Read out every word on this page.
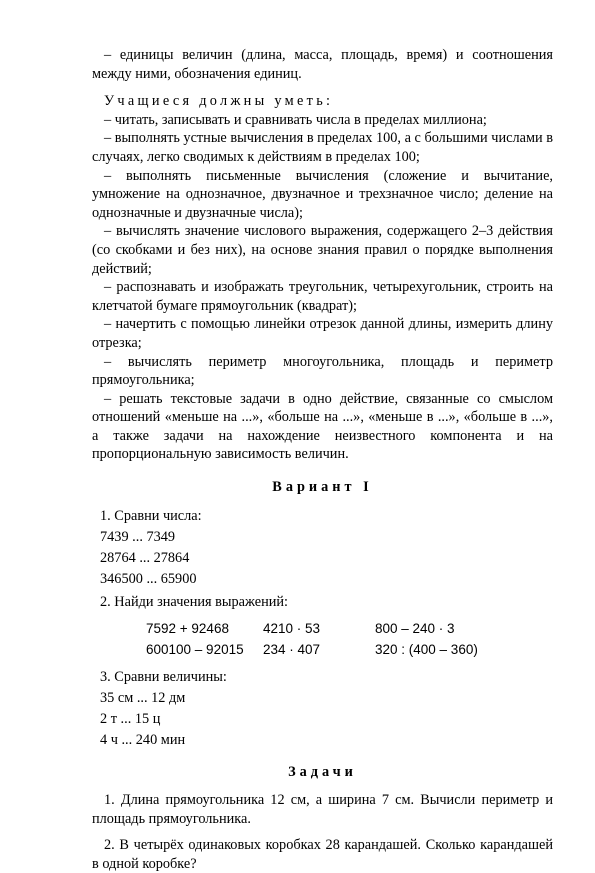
– единицы величин (длина, масса, площадь, время) и соотношения между ними, обозначения единиц.

Учащиеся должны уметь:

– читать, записывать и сравнивать числа в пределах миллиона;

– выполнять устные вычисления в пределах 100, а с большими числами в случаях, легко сводимых к действиям в пределах 100;

– выполнять письменные вычисления (сложение и вычитание, умножение на однозначное, двузначное и трехзначное число; деление на однозначные и двузначные числа);

– вычислять значение числового выражения, содержащего 2–3 действия (со скобками и без них), на основе знания правил о порядке выполнения действий;

– распознавать и изображать треугольник, четырехугольник, строить на клетчатой бумаге прямоугольник (квадрат);

– начертить с помощью линейки отрезок данной длины, измерить длину отрезка;

– вычислять периметр многоугольника, площадь и периметр прямоугольника;

– решать текстовые задачи в одно действие, связанные со смыслом отношений «меньше на ...», «больше на ...», «меньше в ...», «больше в ...», а также задачи на нахождение неизвестного компонента и на пропорциональную зависимость величин.

Вариант I

1. Сравни числа:

7439 ... 7349

28764 ... 27864

346500 ... 65900

2. Найди значения выражений:

7592 + 92468	4210 · 53	800 – 240 · 3
600100 – 92015	234 · 407	320 : (400 – 360)

3. Сравни величины:

35 см ... 12 дм

2 т ... 15 ц

4 ч ... 240 мин

Задачи

1. Длина прямоугольника 12 см, а ширина 7 см. Вычисли периметр и площадь прямоугольника.

2. В четырёх одинаковых коробках 28 карандашей. Сколько карандашей в одной коробке?
